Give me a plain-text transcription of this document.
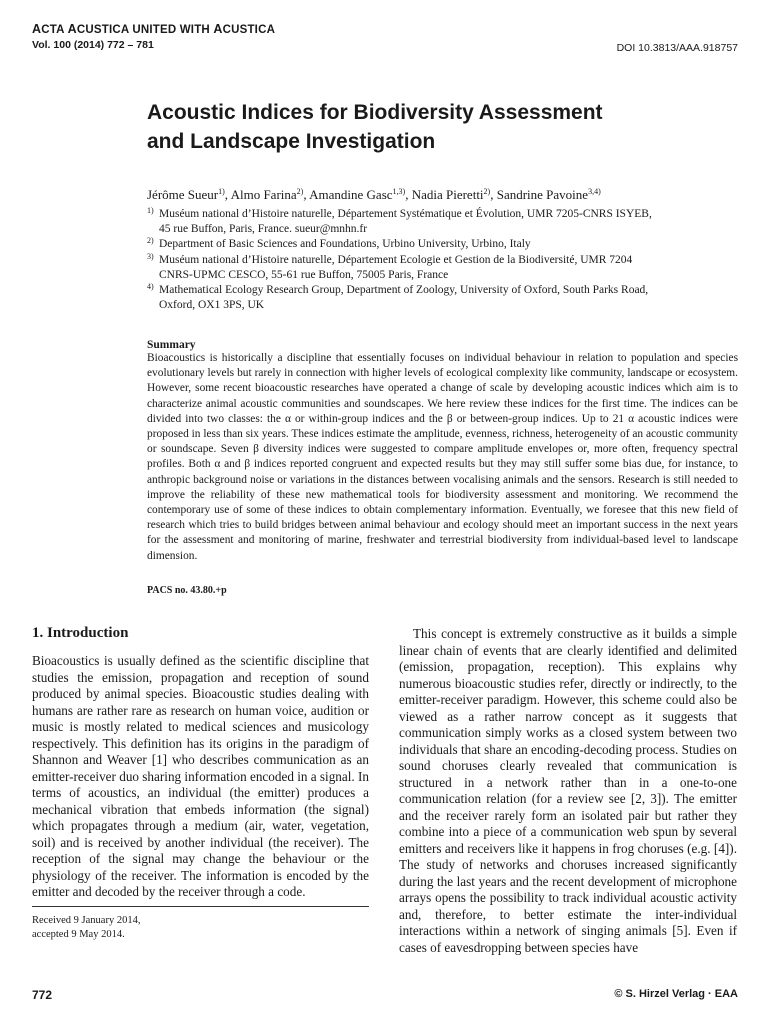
ACTA ACUSTICA UNITED WITH ACUSTICA
Vol. 100 (2014) 772 – 781	DOI 10.3813/AAA.918757
Acoustic Indices for Biodiversity Assessment
and Landscape Investigation
Jérôme Sueur$^{1)}$, Almo Farina$^{2)}$, Amandine Gasc$^{1,3)}$, Nadia Pieretti$^{2)}$, Sandrine Pavoine$^{3,4)}$
$^{1)}$ Muséum national d’Histoire naturelle, Département Systématique et Évolution, UMR 7205-CNRS ISYEB,
45 rue Buffon, Paris, France. sueur@mnhn.fr
$^{2)}$ Department of Basic Sciences and Foundations, Urbino University, Urbino, Italy
$^{3)}$ Muséum national d’Histoire naturelle, Département Ecologie et Gestion de la Biodiversité, UMR 7204
CNRS-UPMC CESCO, 55-61 rue Buffon, 75005 Paris, France
$^{4)}$ Mathematical Ecology Research Group, Department of Zoology, University of Oxford, South Parks Road,
Oxford, OX1 3PS, UK
Summary

Bioacoustics is historically a discipline that essentially focuses on individual behaviour in relation to population and species evolutionary levels but rarely in connection with higher levels of ecological complexity like community, landscape or ecosystem. However, some recent bioacoustic researches have operated a change of scale by developing acoustic indices which aim is to characterize animal acoustic communities and soundscapes. We here review these indices for the first time. The indices can be divided into two classes: the α or within-group indices and the β or between-group indices. Up to 21 α acoustic indices were proposed in less than six years. These indices estimate the amplitude, evenness, richness, heterogeneity of an acoustic community or soundscape. Seven β diversity indices were suggested to compare amplitude envelopes or, more often, frequency spectral profiles. Both α and β indices reported congruent and expected results but they may still suffer some bias due, for instance, to anthropic background noise or variations in the distances between vocalising animals and the sensors. Research is still needed to improve the reliability of these new mathematical tools for biodiversity assessment and monitoring. We recommend the contemporary use of some of these indices to obtain complementary information. Eventually, we foresee that this new field of research which tries to build bridges between animal behaviour and ecology should meet an important success in the next years for the assessment and monitoring of marine, freshwater and terrestrial biodiversity from individual-based level to landscape dimension.

PACS no. 43.80.+p
1. Introduction

Bioacoustics is usually defined as the scientific discipline that studies the emission, propagation and reception of sound produced by animal species. Bioacoustic studies dealing with humans are rather rare as research on human voice, audition or music is mostly related to medical sciences and musicology respectively. This definition has its origins in the paradigm of Shannon and Weaver [1] who describes communication as an emitter-receiver duo sharing information encoded in a signal. In terms of acoustics, an individual (the emitter) produces a mechanical vibration that embeds information (the signal) which propagates through a medium (air, water, vegetation, soil) and is received by another individual (the receiver). The reception of the signal may change the behaviour or the physiology of the receiver. The information is encoded by the emitter and decoded by the receiver through a code.

This concept is extremely constructive as it builds a simple linear chain of events that are clearly identified and delimited (emission, propagation, reception). This explains why numerous bioacoustic studies refer, directly or indirectly, to the emitter-receiver paradigm. However, this scheme could also be viewed as a rather narrow concept as it suggests that communication simply works as a closed system between two individuals that share an encoding-decoding process. Studies on sound choruses clearly revealed that communication is structured in a network rather than in a one-to-one communication relation (for a review see [2, 3]). The emitter and the receiver rarely form an isolated pair but rather they combine into a piece of a communication web spun by several emitters and receivers like it happens in frog choruses (e.g. [4]). The study of networks and choruses increased significantly during the last years and the recent development of microphone arrays opens the possibility to track individual acoustic activity and, therefore, to better estimate the inter-individual interactions within a network of singing animals [5]. Even if cases of eavesdropping between species have

Received 9 January 2014,
accepted 9 May 2014.
772	© S. Hirzel Verlag · EAA
